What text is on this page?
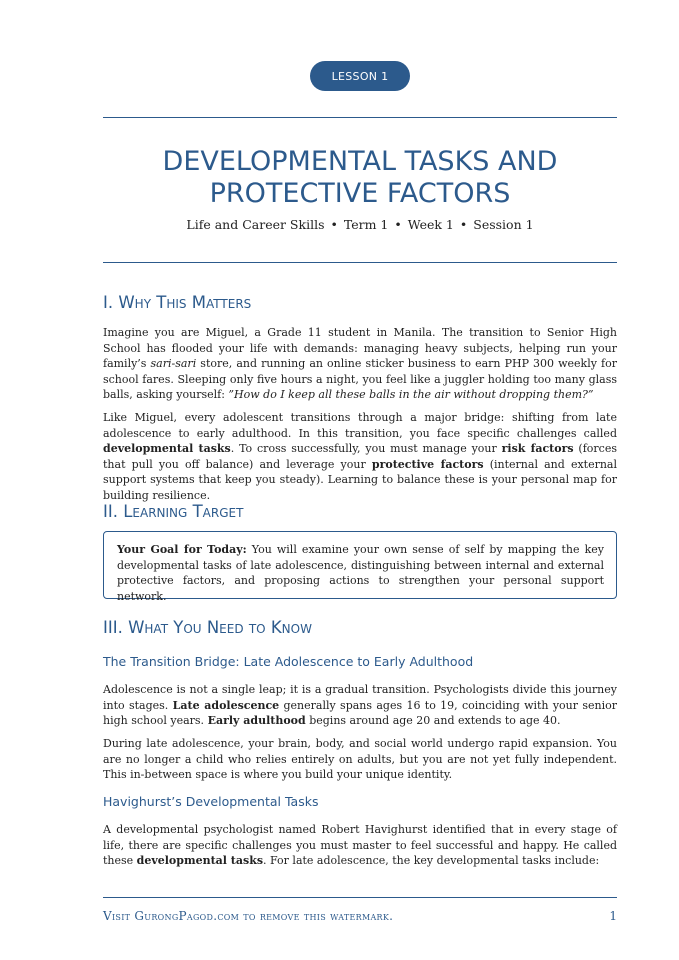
LESSON 1
DEVELOPMENTAL TASKS AND
PROTECTIVE FACTORS
Life and Career Skills • Term 1 • Week 1 • Session 1
I. Why This Matters
Imagine you are Miguel, a Grade 11 student in Manila. The transition to Senior High School has flooded your life with demands: managing heavy subjects, helping run your family’s sari-sari store, and running an online sticker business to earn PHP 300 weekly for school fares. Sleeping only five hours a night, you feel like a juggler holding too many glass balls, asking yourself: ”How do I keep all these balls in the air without dropping them?”
Like Miguel, every adolescent transitions through a major bridge: shifting from late adolescence to early adulthood. In this transition, you face specific challenges called developmental tasks. To cross successfully, you must manage your risk factors (forces that pull you off balance) and leverage your protective factors (internal and external support systems that keep you steady). Learning to balance these is your personal map for building resilience.
II. Learning Target
Your Goal for Today: You will examine your own sense of self by mapping the key developmental tasks of late adolescence, distinguishing between internal and external protective factors, and proposing actions to strengthen your personal support network.
III. What You Need to Know
The Transition Bridge: Late Adolescence to Early Adulthood
Adolescence is not a single leap; it is a gradual transition. Psychologists divide this journey into stages. Late adolescence generally spans ages 16 to 19, coinciding with your senior high school years. Early adulthood begins around age 20 and extends to age 40.
During late adolescence, your brain, body, and social world undergo rapid expansion. You are no longer a child who relies entirely on adults, but you are not yet fully independent. This in-between space is where you build your unique identity.
Havighurst’s Developmental Tasks
A developmental psychologist named Robert Havighurst identified that in every stage of life, there are specific challenges you must master to feel successful and happy. He called these developmental tasks. For late adolescence, the key developmental tasks include:
Visit GurongPagod.com to remove this watermark.	1
